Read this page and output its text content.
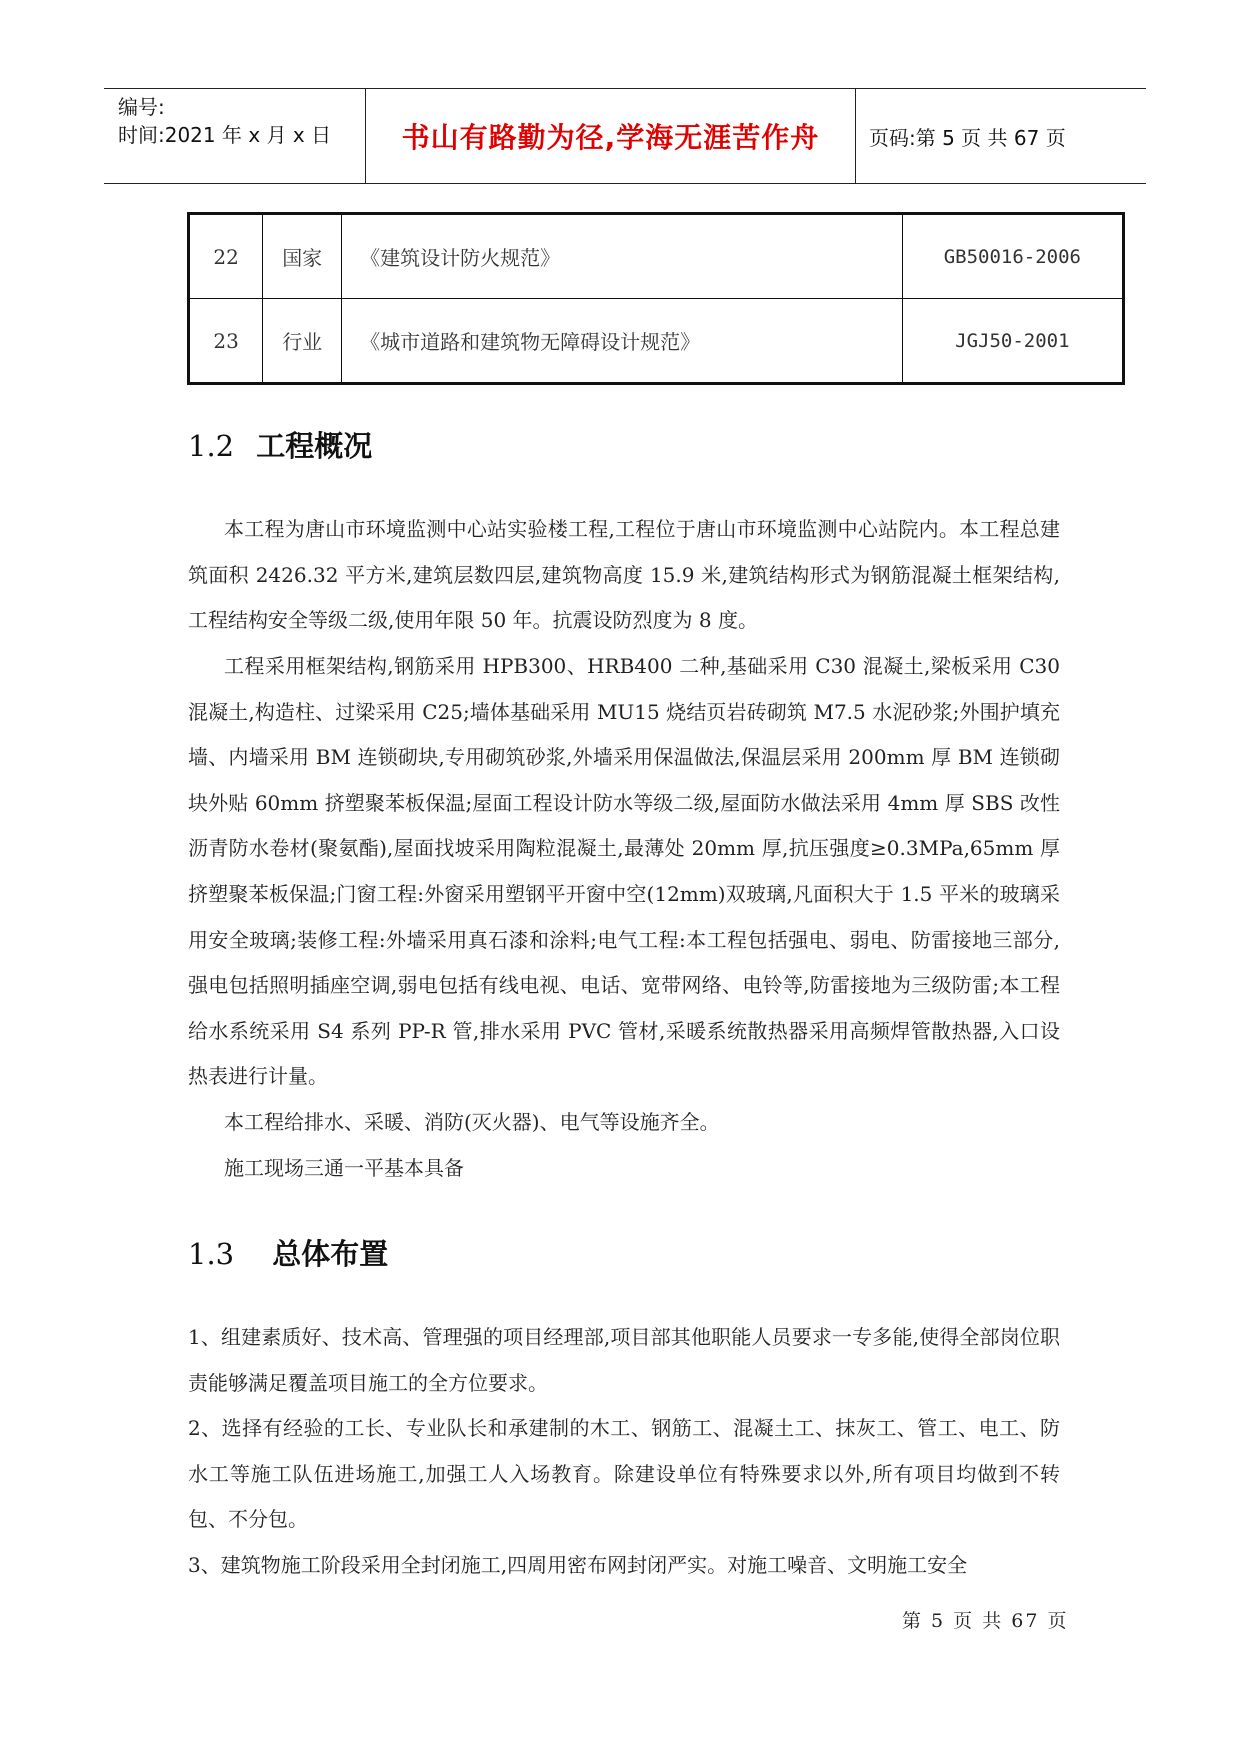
编号:
时间:2021 年 x 月 x 日	书山有路勤为径,学海无涯苦作舟	页码:第 5 页 共 67 页
22	国家	《建筑设计防火规范》	GB50016-2006
23	行业	《城市道路和建筑物无障碍设计规范》	JGJ50-2001
1.2 工程概况
本工程为唐山市环境监测中心站实验楼工程,工程位于唐山市环境监测中心站院内。本工程总建筑面积 2426.32 平方米,建筑层数四层,建筑物高度 15.9 米,建筑结构形式为钢筋混凝土框架结构,工程结构安全等级二级,使用年限 50 年。抗震设防烈度为 8 度。
工程采用框架结构,钢筋采用 HPB300、HRB400 二种,基础采用 C30 混凝土,梁板采用 C30 混凝土,构造柱、过梁采用 C25;墙体基础采用 MU15 烧结页岩砖砌筑 M7.5 水泥砂浆;外围护填充墙、内墙采用 BM 连锁砌块,专用砌筑砂浆,外墙采用保温做法,保温层采用 200mm 厚 BM 连锁砌块外贴 60mm 挤塑聚苯板保温;屋面工程设计防水等级二级,屋面防水做法采用 4mm 厚 SBS 改性沥青防水卷材(聚氨酯),屋面找坡采用陶粒混凝土,最薄处 20mm 厚,抗压强度≥0.3MPa,65mm 厚挤塑聚苯板保温;门窗工程:外窗采用塑钢平开窗中空(12mm)双玻璃,凡面积大于 1.5 平米的玻璃采用安全玻璃;装修工程:外墙采用真石漆和涂料;电气工程:本工程包括强电、弱电、防雷接地三部分,强电包括照明插座空调,弱电包括有线电视、电话、宽带网络、电铃等,防雷接地为三级防雷;本工程给水系统采用 S4 系列 PP-R 管,排水采用 PVC 管材,采暖系统散热器采用高频焊管散热器,入口设热表进行计量。
本工程给排水、采暖、消防(灭火器)、电气等设施齐全。
施工现场三通一平基本具备
1.3 总体布置
1、组建素质好、技术高、管理强的项目经理部,项目部其他职能人员要求一专多能,使得全部岗位职责能够满足覆盖项目施工的全方位要求。
2、选择有经验的工长、专业队长和承建制的木工、钢筋工、混凝土工、抹灰工、管工、电工、防水工等施工队伍进场施工,加强工人入场教育。除建设单位有特殊要求以外,所有项目均做到不转包、不分包。
3、建筑物施工阶段采用全封闭施工,四周用密布网封闭严实。对施工噪音、文明施工安全
第 5 页 共 67 页
